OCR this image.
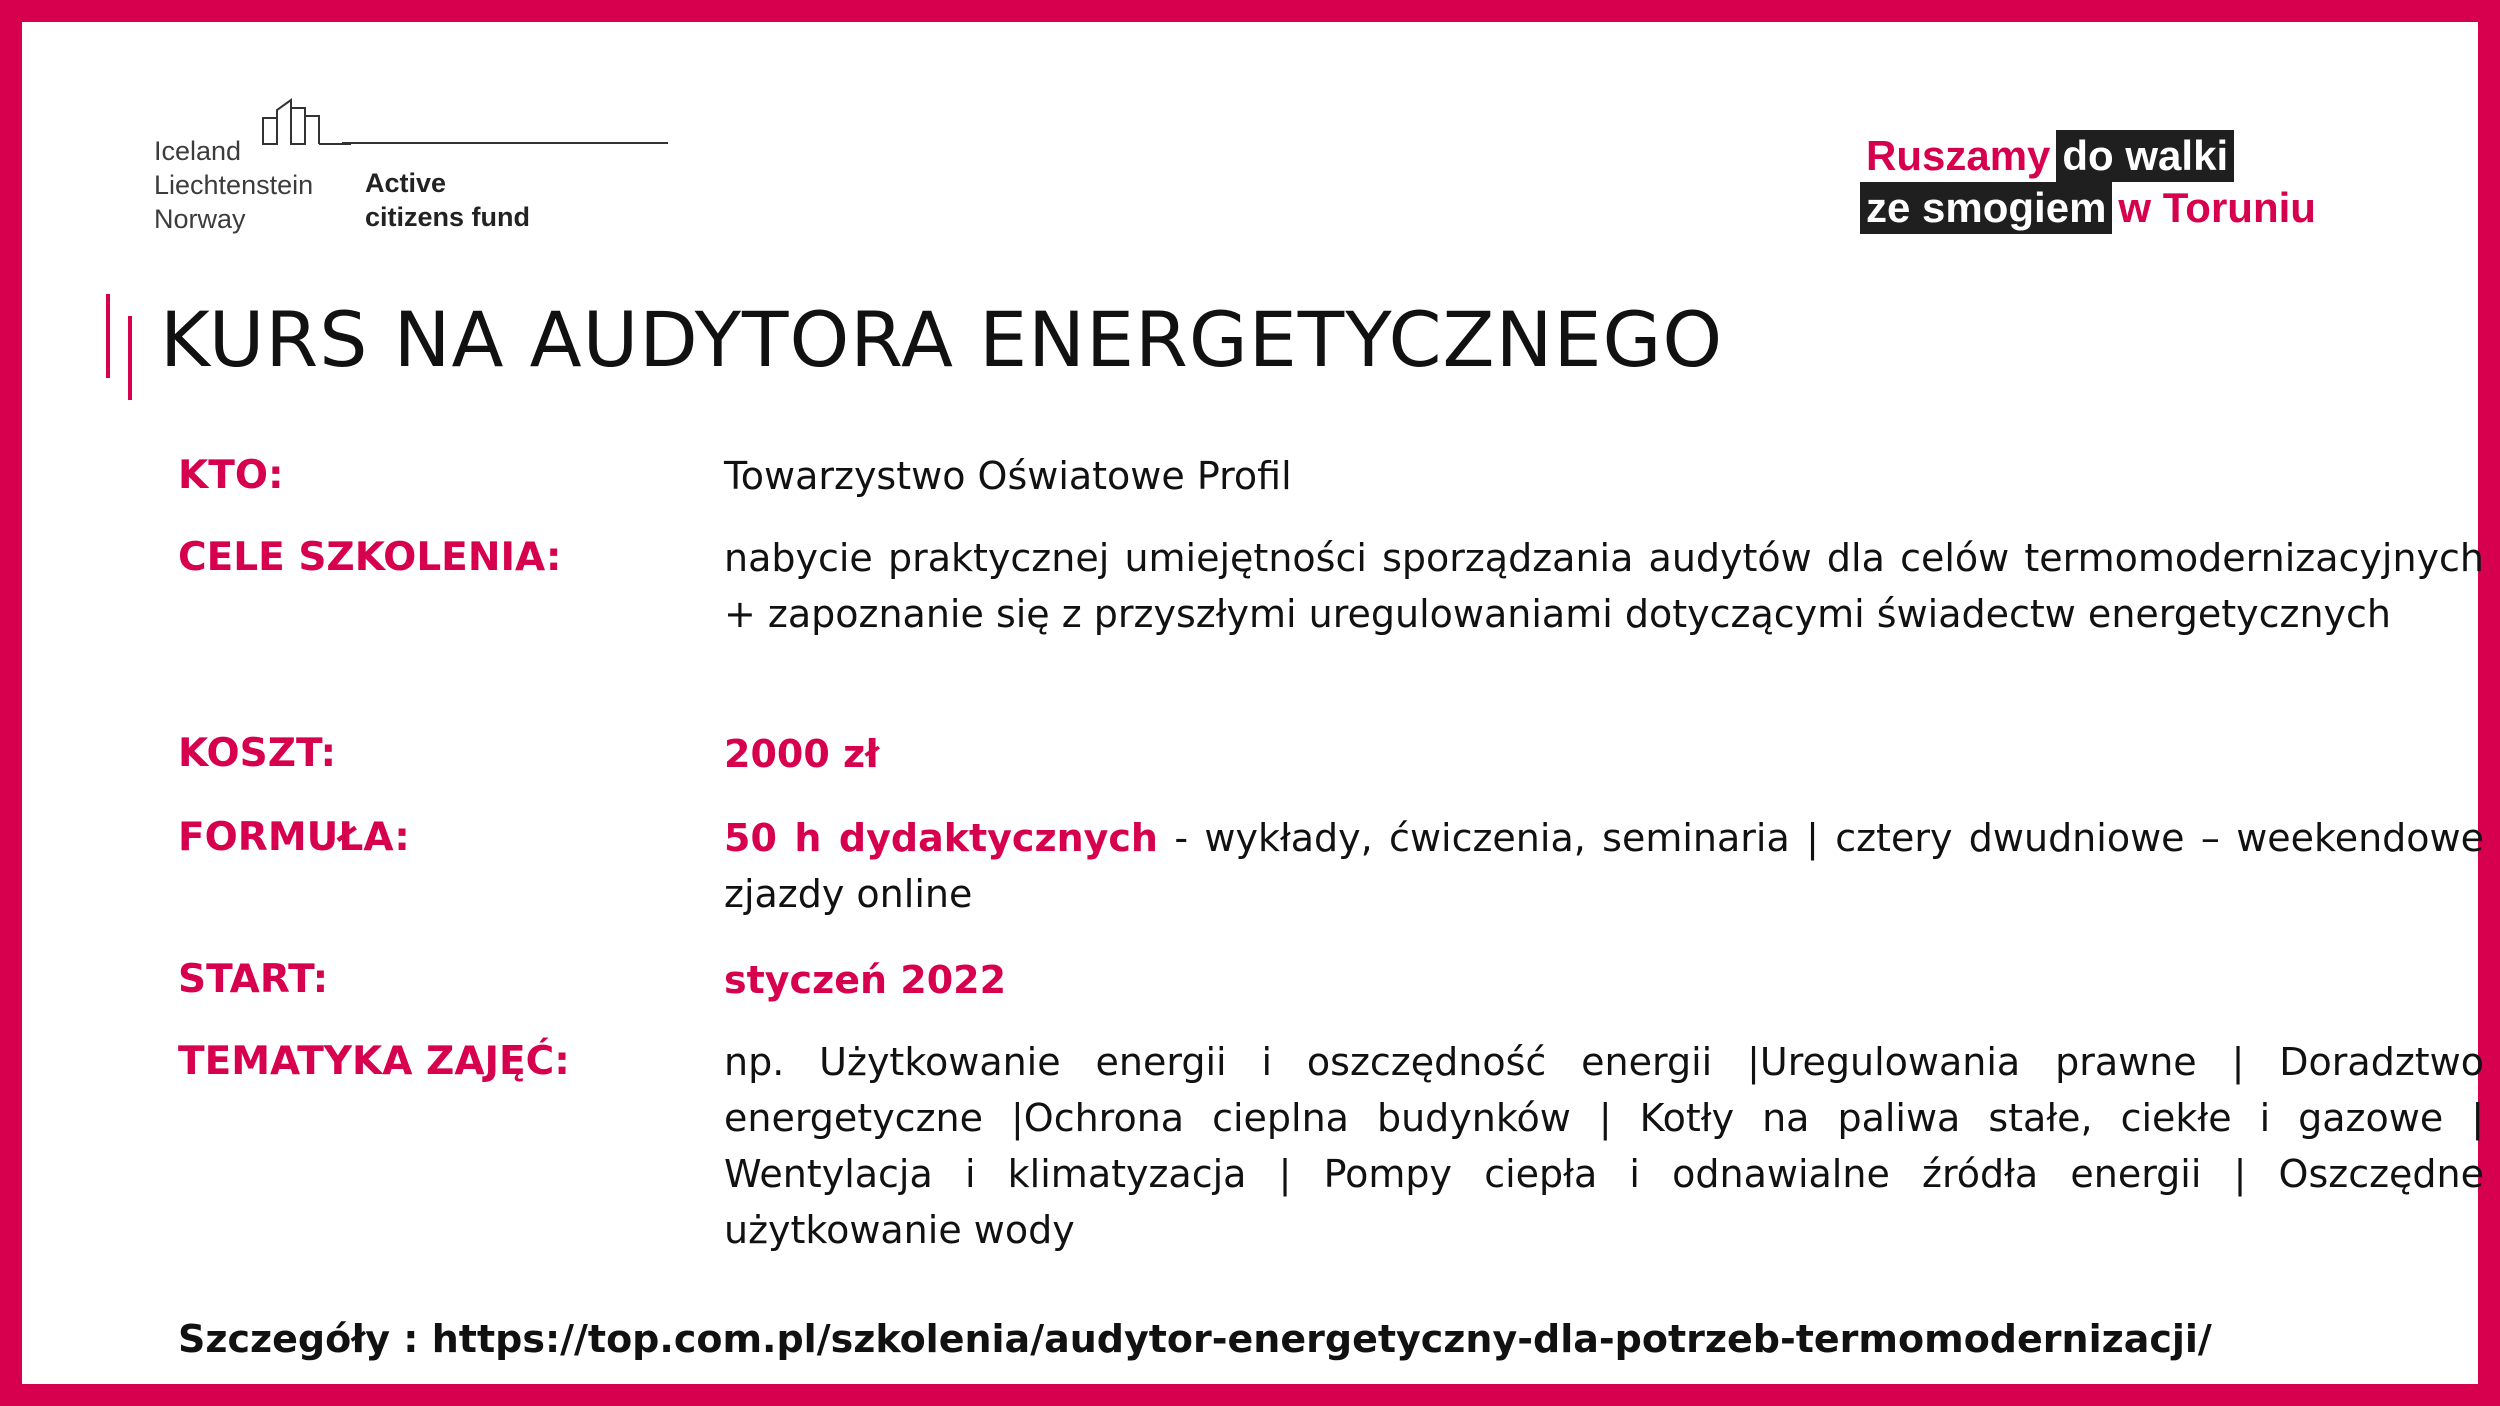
Iceland
Liechtenstein
Norway
Active
citizens fund
Ruszamy do walki
ze smogiem w Toruniu
KURS NA AUDYTORA ENERGETYCZNEGO
KTO:	Towarzystwo Oświatowe Profil
CELE SZKOLENIA:	nabycie praktycznej umiejętności sporządzania audytów dla celów termomodernizacyjnych + zapoznanie się z przyszłymi uregulowaniami dotyczącymi świadectw energetycznych
KOSZT:	2000 zł
FORMUŁA:	50 h dydaktycznych - wykłady, ćwiczenia, seminaria | cztery dwudniowe – weekendowe zjazdy online
START:	styczeń 2022
TEMATYKA ZAJĘĆ:	np. Użytkowanie energii i oszczędność energii |Uregulowania prawne | Doradztwo energetyczne |Ochrona cieplna budynków | Kotły na paliwa stałe, ciekłe i gazowe | Wentylacja i klimatyzacja | Pompy ciepła i odnawialne źródła energii | Oszczędne użytkowanie wody
Szczegóły : https://top.com.pl/szkolenia/audytor-energetyczny-dla-potrzeb-termomodernizacji/
